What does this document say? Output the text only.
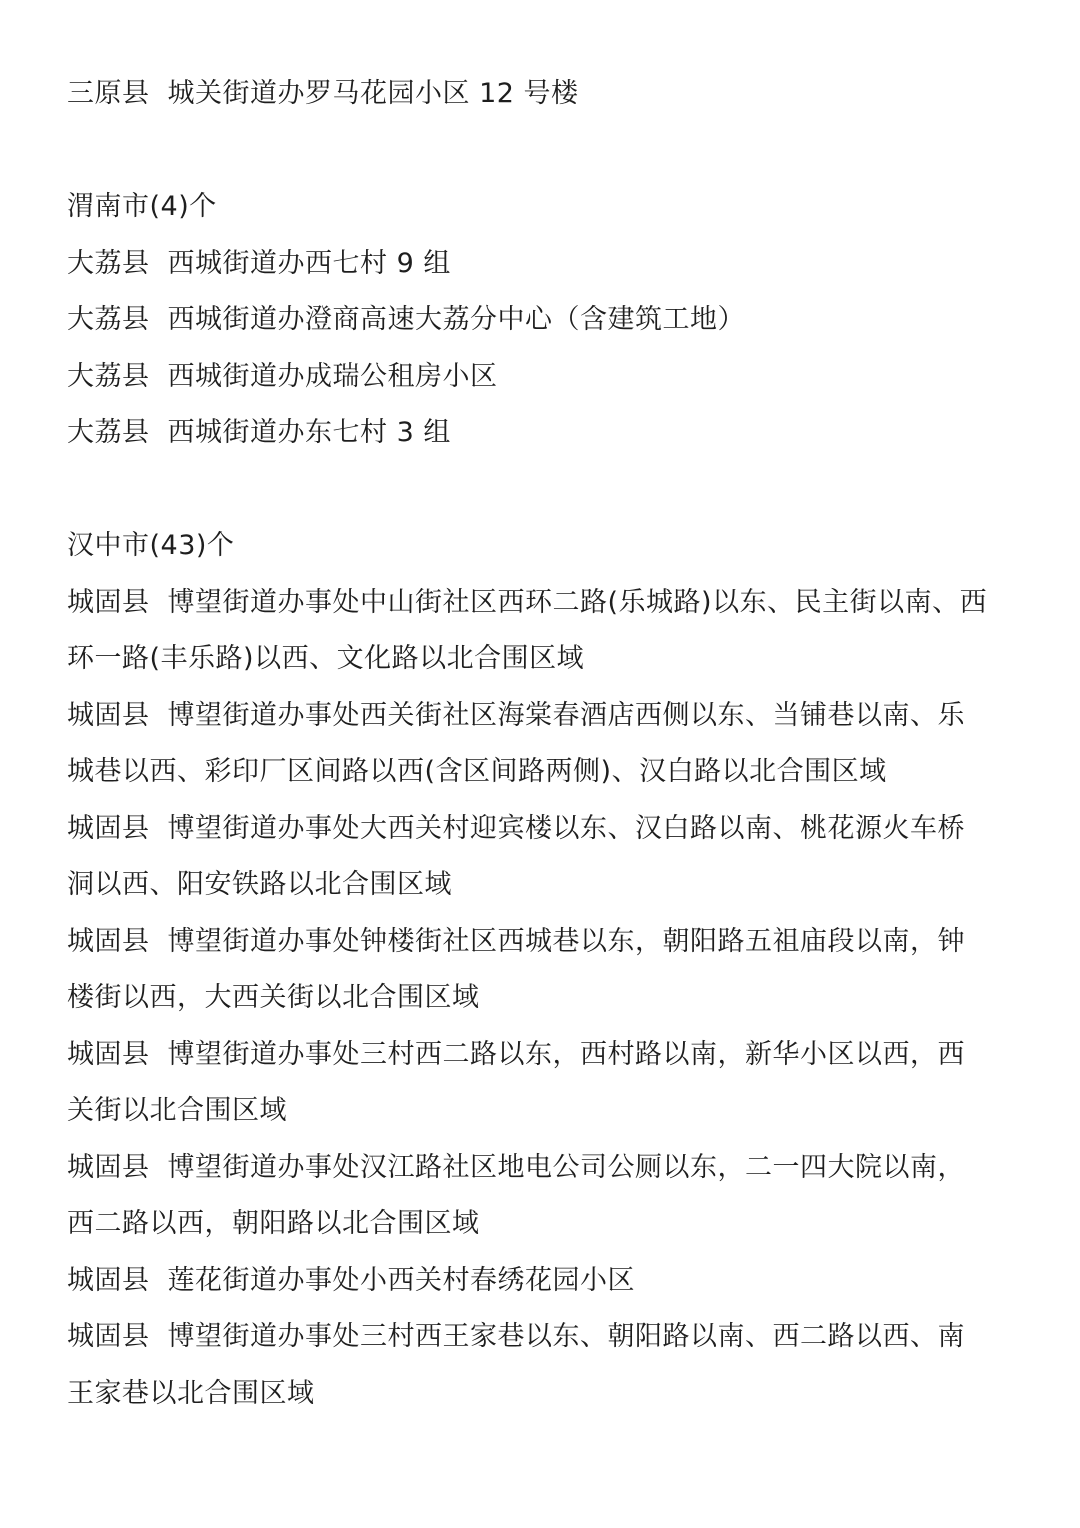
三原县 城关街道办罗马花园小区 12 号楼
渭南市(4)个
大荔县 西城街道办西七村 9 组
大荔县 西城街道办澄商高速大荔分中心（含建筑工地）
大荔县 西城街道办成瑞公租房小区
大荔县 西城街道办东七村 3 组
汉中市(43)个
城固县 博望街道办事处中山街社区西环二路(乐城路)以东、民主街以南、西
环一路(丰乐路)以西、文化路以北合围区域
城固县 博望街道办事处西关街社区海棠春酒店西侧以东、当铺巷以南、乐
城巷以西、彩印厂区间路以西(含区间路两侧)、汉白路以北合围区域
城固县 博望街道办事处大西关村迎宾楼以东、汉白路以南、桃花源火车桥
洞以西、阳安铁路以北合围区域
城固县 博望街道办事处钟楼街社区西城巷以东，朝阳路五祖庙段以南，钟
楼街以西，大西关街以北合围区域
城固县 博望街道办事处三村西二路以东，西村路以南，新华小区以西，西
关街以北合围区域
城固县 博望街道办事处汉江路社区地电公司公厕以东，二一四大院以南，
西二路以西，朝阳路以北合围区域
城固县 莲花街道办事处小西关村春绣花园小区
城固县 博望街道办事处三村西王家巷以东、朝阳路以南、西二路以西、南
王家巷以北合围区域
